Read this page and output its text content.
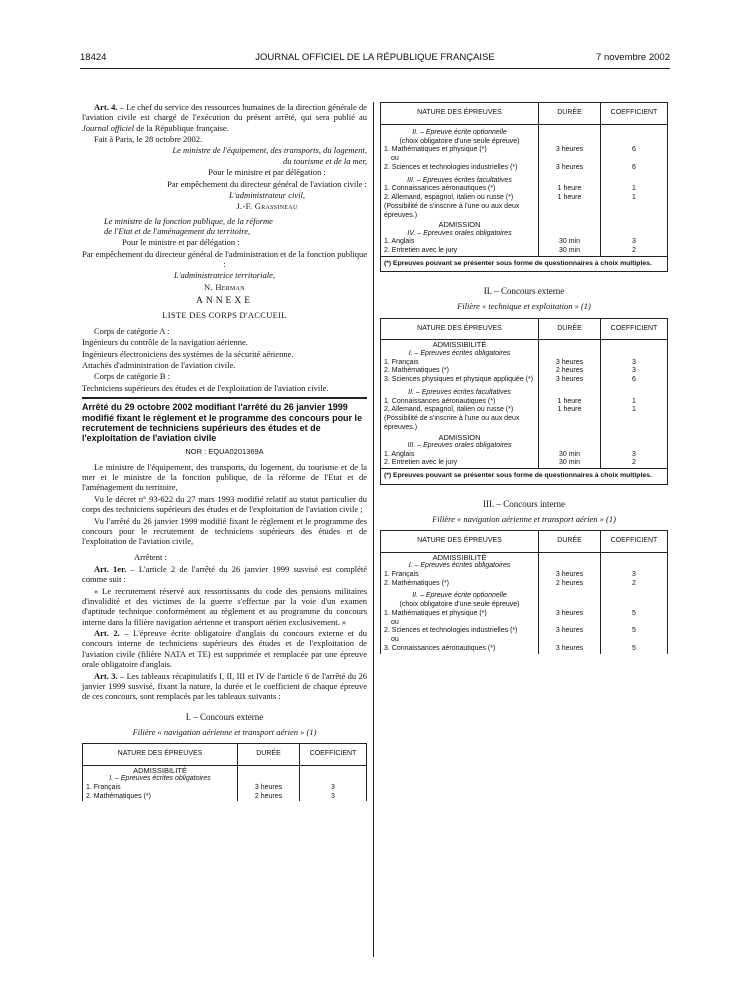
18424	JOURNAL OFFICIEL DE LA RÉPUBLIQUE FRANÇAISE	7 novembre 2002

Art. 4. – Le chef du service des ressources humaines de la direction générale de l'aviation civile est chargé de l'exécution du présent arrêté, qui sera publié au Journal officiel de la République française.

Fait à Paris, le 28 octobre 2002.

Le ministre de l'équipement, des transports, du logement, du tourisme et de la mer,

Pour le ministre et par délégation :

Par empêchement du directeur général de l'aviation civile :

L'administrateur civil,

J.-F. Grassineau

Le ministre de la fonction publique, de la réforme de l'Etat et de l'aménagement du territoire,

Pour le ministre et par délégation :

Par empêchement du directeur général de l'administration et de la fonction publique :

L'administratrice territoriale,

N. Herman

ANNEXE

LISTE DES CORPS D'ACCUEIL

Corps de catégorie A :

Ingénieurs du contrôle de la navigation aérienne.

Ingénieurs électroniciens des systèmes de la sécurité aérienne.

Attachés d'administration de l'aviation civile.

Corps de catégorie B :

Techniciens supérieurs des études et de l'exploitation de l'aviation civile.

Arrêté du 29 octobre 2002 modifiant l'arrêté du 26 janvier 1999 modifié fixant le règlement et le programme des concours pour le recrutement de techniciens supérieurs des études et de l'exploitation de l'aviation civile
NOR : EQUA0201369A

Le ministre de l'équipement, des transports, du logement, du tourisme et de la mer et le ministre de la fonction publique, de la réforme de l'Etat et de l'aménagement du territoire,

Vu le décret n° 93-622 du 27 mars 1993 modifié relatif au statut particulier du corps des techniciens supérieurs des études et de l'exploitation de l'aviation civile ;

Vu l'arrêté du 26 janvier 1999 modifié fixant le règlement et le programme des concours pour le recrutement de techniciens supérieurs des études et de l'exploitation de l'aviation civile,

Arrêtent :

Art. 1er. – L'article 2 de l'arrêté du 26 janvier 1999 susvisé est complété comme suit :

« Le recrutement réservé aux ressortissants du code des pensions militaires d'invalidité et des victimes de la guerre s'effectue par la voie d'un examen d'aptitude technique conformément au règlement et au programme du concours interne dans la filière navigation aérienne et transport aérien exclusivement. »

Art. 2. – L'épreuve écrite obligatoire d'anglais du concours externe et du concours interne de techniciens supérieurs des études et de l'exploitation de l'aviation civile (filière NATA et TE) est supprimée et remplacée par une épreuve orale obligatoire d'anglais.

Art. 3. – Les tableaux récapitulatifs I, II, III et IV de l'article 6 de l'arrêté du 26 janvier 1999 susvisé, fixant la nature, la durée et le coefficient de chaque épreuve de ces concours, sont remplacés par les tableaux suivants :

I. – Concours externe
Filière « navigation aérienne et transport aérien » (1)
NATURE DES ÉPREUVES	DURÉE	COEFFICIENT
ADMISSIBILITÉ		
I. – Epreuves écrites obligatoires		
1. Français	3 heures	3
2. Mathématiques (*)	2 heures	3
NATURE DES ÉPREUVES	DURÉE	COEFFICIENT
II. – Epreuve écrite optionnelle		
(choix obligatoire d'une seule épreuve)		
1. Mathématiques et physique (*)	3 heures	6
ou		
2. Sciences et technologies industrielles (*)	3 heures	6
III. – Epreuves écrites facultatives		
1. Connaissances aéronautiques (*)	1 heure	1
2. Allemand, espagnol, italien ou russe (*)	1 heure	1
(Possibilité de s'inscrire à l'une ou aux deux épreuves.)		
ADMISSION		
IV. – Epreuves orales obligatoires		
1. Anglais	30 min	3
2. Entretien avec le jury	30 min	2
(*) Epreuves pouvant se présenter sous forme de questionnaires à choix multiples.		
II. – Concours externe
Filière « technique et exploitation » (1)
NATURE DES ÉPREUVES	DURÉE	COEFFICIENT
ADMISSIBILITÉ		
I. – Epreuves écrites obligatoires		
1. Français	3 heures	3
2. Mathématiques (*)	2 heures	3
3. Sciences physiques et physique appliquée (*)	3 heures	6
II. – Epreuves écrites facultatives		
1. Connaissances aéronautiques (*)	1 heure	1
2. Allemand, espagnol, italien ou russe (*)	1 heure	1
(Possibilité de s'inscrire à l'une ou aux deux épreuves.)		
ADMISSION		
III. – Epreuves orales obligatoires		
1. Anglais	30 min	3
2. Entretien avec le jury	30 min	2
(*) Epreuves pouvant se présenter sous forme de questionnaires à choix multiples.		
III. – Concours interne
Filière « navigation aérienne et transport aérien » (1)
NATURE DES ÉPREUVES	DURÉE	COEFFICIENT
ADMISSIBILITÉ		
I. – Epreuves écrites obligatoires		
1. Français	3 heures	3
2. Mathématiques (*)	2 heures	2
II. – Epreuve écrite optionnelle		
(choix obligatoire d'une seule épreuve)		
1. Mathématiques et physique (*)	3 heures	5
ou		
2. Sciences et technologies industrielles (*)	3 heures	5
ou		
3. Connaissances aéronautiques (*)	3 heures	5
